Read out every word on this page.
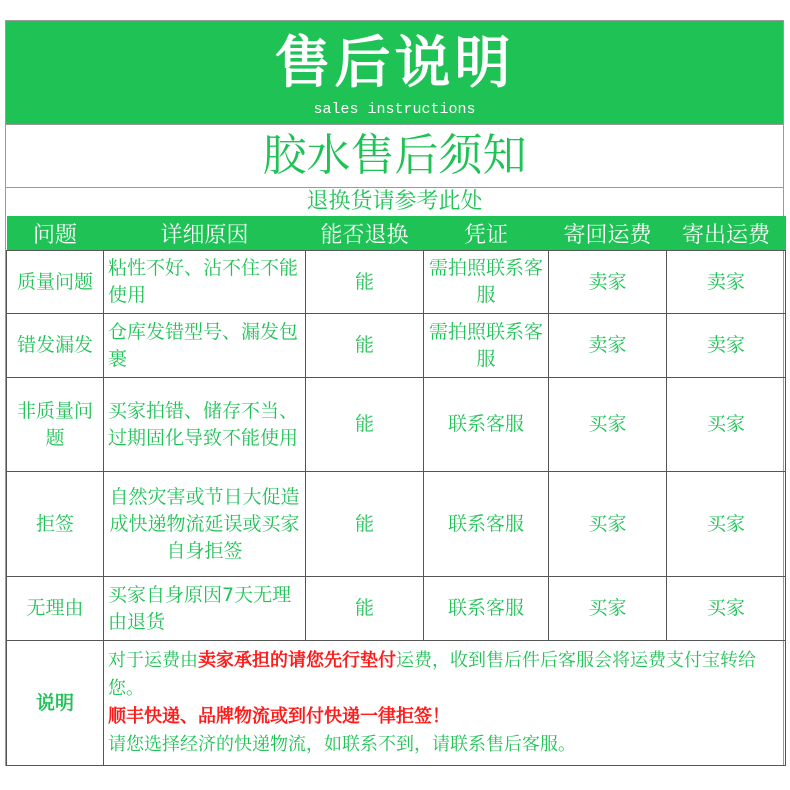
售后说明
sales instructions
胶水售后须知
退换货请参考此处
问题	详细原因	能否退换	凭证	寄回运费	寄出运费
质量问题	粘性不好、沾不住不能使用	能	需拍照联系客服	卖家	卖家
错发漏发	仓库发错型号、漏发包裹	能	需拍照联系客服	卖家	卖家
非质量问题	买家拍错、储存不当、过期固化导致不能使用	能	联系客服	买家	买家
拒签	自然灾害或节日大促造成快递物流延误或买家自身拒签	能	联系客服	买家	买家
无理由	买家自身原因7天无理由退货	能	联系客服	买家	买家
说明	对于运费由卖家承担的请您先行垫付运费，收到售后件后客服会将运费支付宝转给您。
顺丰快递、品牌物流或到付快递一律拒签！
请您选择经济的快递物流，如联系不到，请联系售后客服。				
